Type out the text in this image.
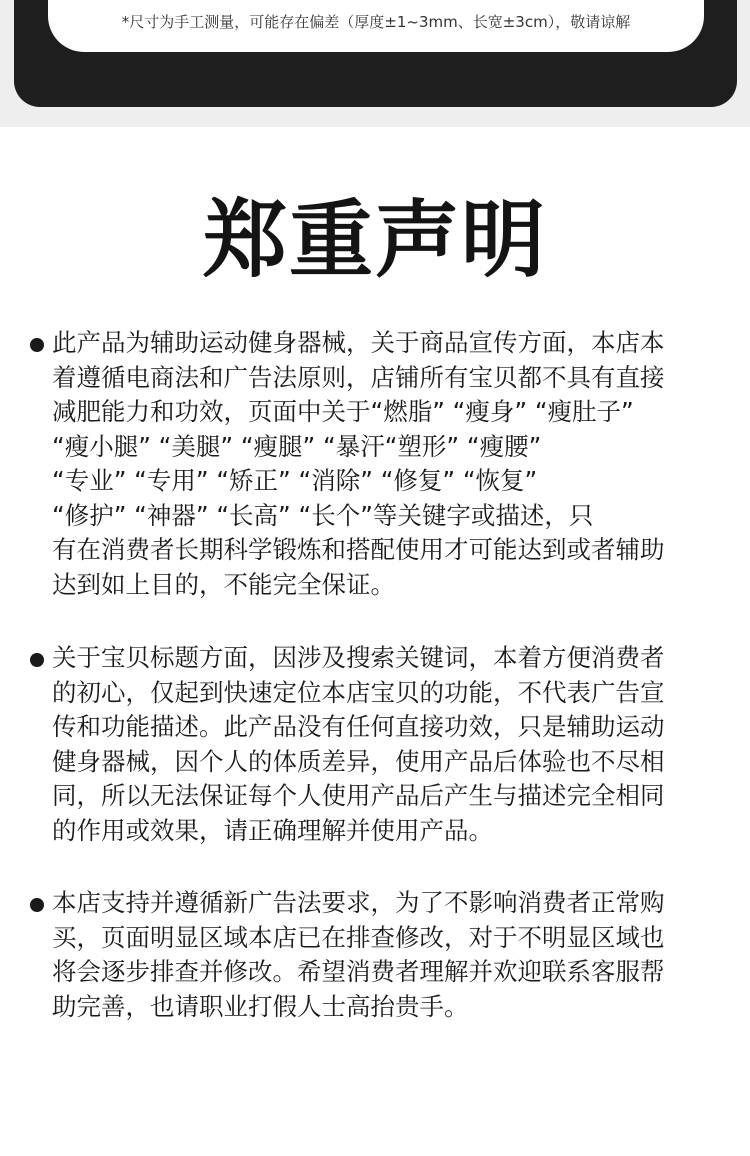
*尺寸为手工测量，可能存在偏差（厚度±1~3mm、长宽±3cm），敬请谅解
郑重声明
此产品为辅助运动健身器械，关于商品宣传方面，本店本
着遵循电商法和广告法原则，店铺所有宝贝都不具有直接
减肥能力和功效，页面中关于“燃脂” “瘦身” “瘦肚子”
“瘦小腿” “美腿” “瘦腿” “暴汗“塑形” “瘦腰”
“专业” “专用” “矫正” “消除” “修复” “恢复”
“修护” “神器” “长高” “长个”等关键字或描述，只
有在消费者长期科学锻炼和搭配使用才可能达到或者辅助
达到如上目的，不能完全保证。
关于宝贝标题方面，因涉及搜索关键词，本着方便消费者
的初心，仅起到快速定位本店宝贝的功能，不代表广告宣
传和功能描述。此产品没有任何直接功效，只是辅助运动
健身器械，因个人的体质差异，使用产品后体验也不尽相
同，所以无法保证每个人使用产品后产生与描述完全相同
的作用或效果，请正确理解并使用产品。
本店支持并遵循新广告法要求，为了不影响消费者正常购
买，页面明显区域本店已在排查修改，对于不明显区域也
将会逐步排查并修改。希望消费者理解并欢迎联系客服帮
助完善，也请职业打假人士高抬贵手。
